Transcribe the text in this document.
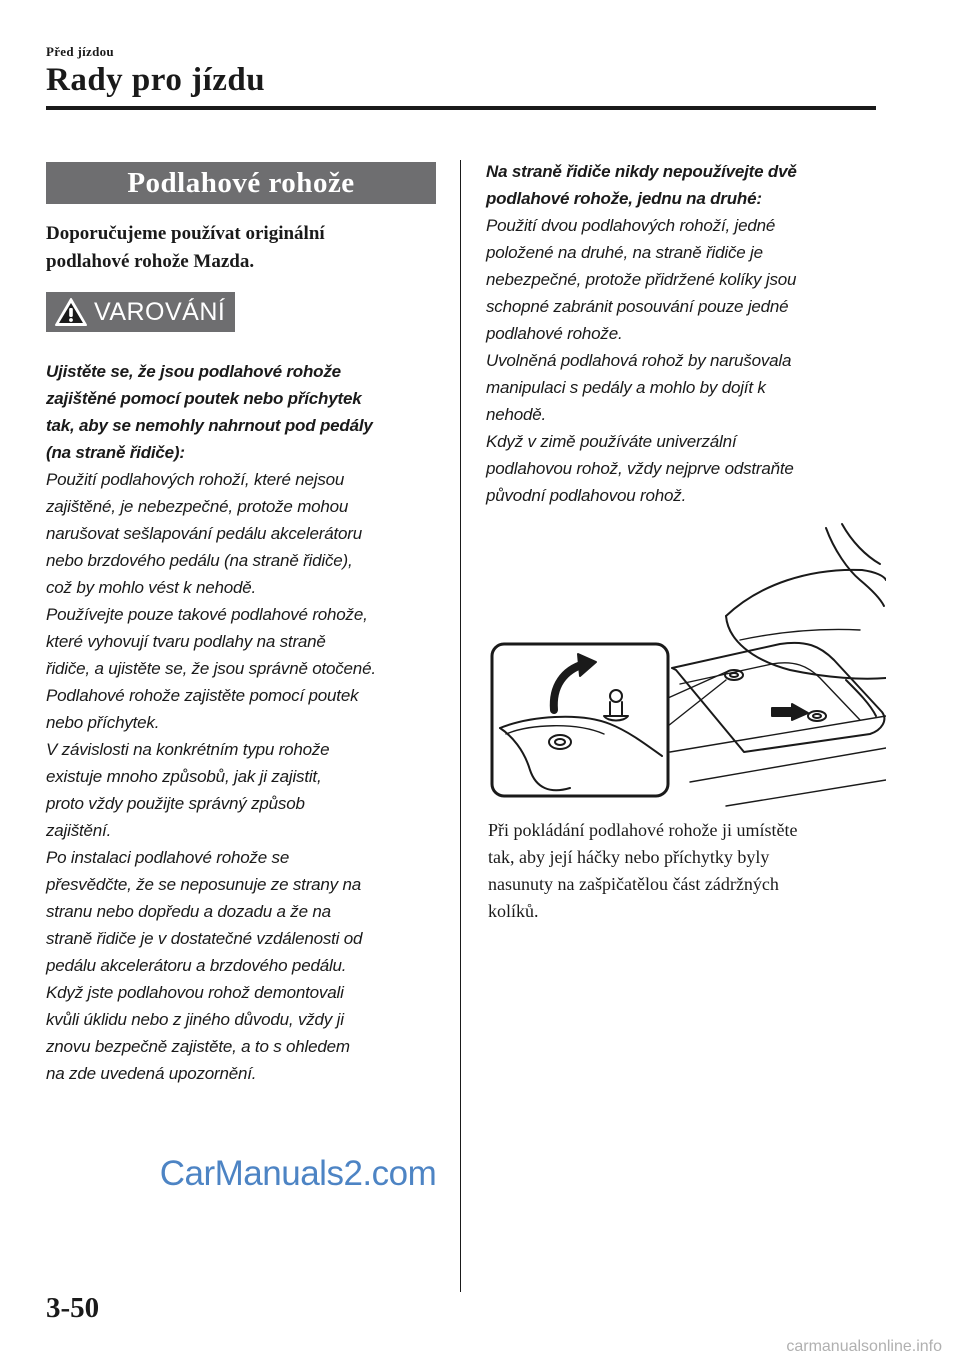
Před jízdou
Rady pro jízdu
Podlahové rohože

Doporučujeme používat originální
podlahové rohože Mazda.

VAROVÁNÍ

Ujistěte se, že jsou podlahové rohože
zajištěné pomocí poutek nebo příchytek
tak, aby se nemohly nahrnout pod pedály
(na straně řidiče):

Použití podlahových rohoží, které nejsou
zajištěné, je nebezpečné, protože mohou
narušovat sešlapování pedálu akcelerátoru
nebo brzdového pedálu (na straně řidiče),
což by mohlo vést k nehodě.
Používejte pouze takové podlahové rohože,
které vyhovují tvaru podlahy na straně
řidiče, a ujistěte se, že jsou správně otočené.
Podlahové rohože zajistěte pomocí poutek
nebo příchytek.
V závislosti na konkrétním typu rohože
existuje mnoho způsobů, jak ji zajistit,
proto vždy použijte správný způsob
zajištění.
Po instalaci podlahové rohože se
přesvědčte, že se neposunuje ze strany na
stranu nebo dopředu a dozadu a že na
straně řidiče je v dostatečné vzdálenosti od
pedálu akcelerátoru a brzdového pedálu.
Když jste podlahovou rohož demontovali
kvůli úklidu nebo z jiného důvodu, vždy ji
znovu bezpečně zajistěte, a to s ohledem
na zde uvedená upozornění.

Na straně řidiče nikdy nepoužívejte dvě
podlahové rohože, jednu na druhé:

Použití dvou podlahových rohoží, jedné
položené na druhé, na straně řidiče je
nebezpečné, protože přidržené kolíky jsou
schopné zabránit posouvání pouze jedné
podlahové rohože.
Uvolněná podlahová rohož by narušovala
manipulaci s pedály a mohlo by dojít k
nehodě.
Když v zimě používáte univerzální
podlahovou rohož, vždy nejprve odstraňte
původní podlahovou rohož.

Při pokládání podlahové rohože ji umístěte
tak, aby její háčky nebo příchytky byly
nasunuty na zašpičatělou část zádržných
kolíků.

CarManuals2.com
3-50
carmanualsonline.info
